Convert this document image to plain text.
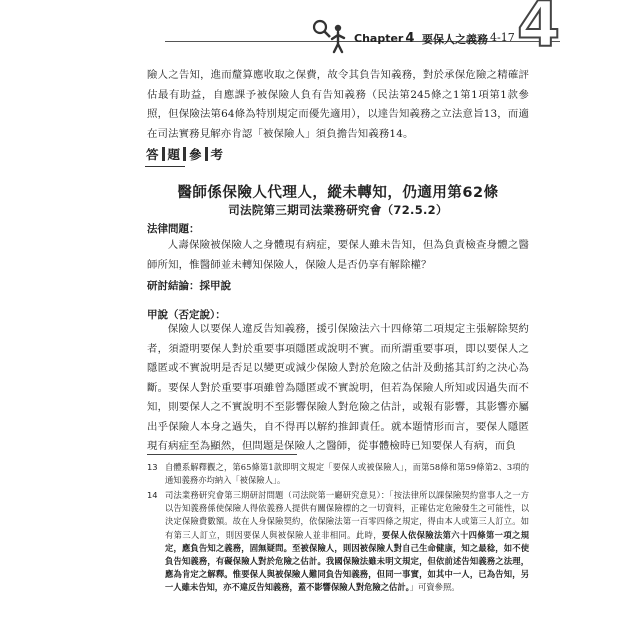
Chapter 4 要保人之義務 4-17 4
險人之告知，進而釐算應收取之保費，故令其負告知義務，對於承保危險之精確評估最有助益，自應課予被保險人負有告知義務（民法第245條之1第1項第1款參照，但保險法第64條為特別規定而優先適用），以達告知義務之立法意旨13，而適在司法實務見解亦肯認「被保險人」須負擔告知義務14。
答 題 參 考
醫師係保險人代理人，縱未轉知，仍適用第62條
司法院第三期司法業務研究會（72.5.2）
法律問題：
人壽保險被保險人之身體現有病症，要保人雖未告知，但為負責檢查身體之醫師所知，惟醫師並未轉知保險人，保險人是否仍享有解除權？
研討結論：採甲說
甲說（否定說）：
保險人以要保人違反告知義務，援引保險法六十四條第二項規定主張解除契約者，須證明要保人對於重要事項隱匿或說明不實。而所謂重要事項，即以要保人之隱匿或不實說明是否足以變更或減少保險人對於危險之估計及動搖其訂約之決心為斷。要保人對於重要事項雖曾為隱匿或不實說明，但若為保險人所知或因過失而不知，則要保人之不實說明不至影響保險人對危險之估計，或報有影響，其影響亦屬出乎保險人本身之過失，自不得再以解約推卸責任。就本題情形而言，要保人隱匿現有病症至為顯然，但問題是保險人之醫師，從事體檢時已知要保人有病，而負
13 自體系解釋觀之，第65條第1款即明文規定「要保人或被保險人」，而第58條和第59條第2、3項的通知義務亦均納入「被保險人」。
14 司法業務研究會第三期研討問題（司法院第一廳研究意見）：「按法律所以課保險契約當事人之一方以告知義務係使保險人得依義務人提供有關保險標的之一切資料，正確估定危險發生之可能性，以決定保險費數額。故在人身保險契約，依保險法第一百零四條之規定，得由本人或第三人訂立。如有第三人訂立，則因要保人與被保險人並非相同。此時，要保人依保險法第六十四條第一項之規定，應負告知之義務，固無疑問。至被保險人，則因被保險人對自己生命健康，知之最稔，如不使負告知義務，有礙保險人對於危險之估計。我國保險法雖未明文規定，但依前述告知義務之法理，應為肯定之解釋。惟要保人與被保險人難同負告知義務，但同一事實，如其中一人，已為告知，另一人雖未告知，亦不違反告知義務，蓋不影響保險人對危險之估計。」可資參照。
